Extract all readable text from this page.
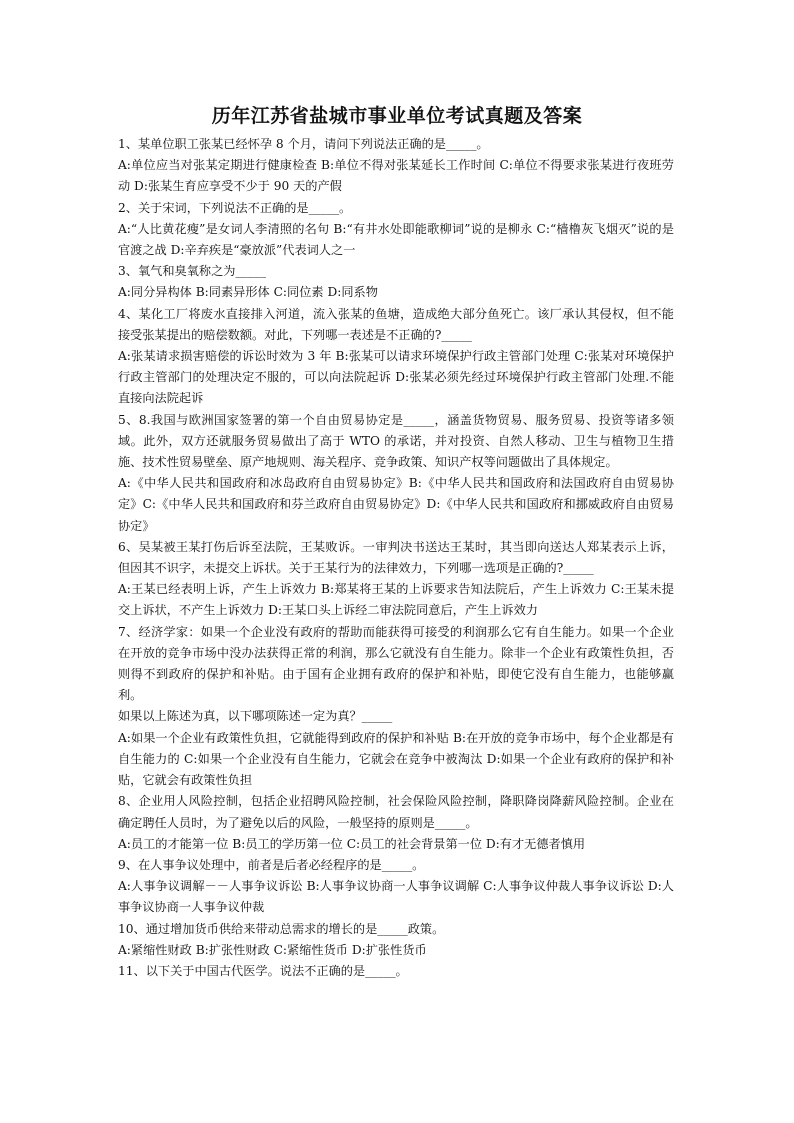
历年江苏省盐城市事业单位考试真题及答案

1、某单位职工张某已经怀孕 8 个月，请问下列说法正确的是_____。

A:单位应当对张某定期进行健康检查 B:单位不得对张某延长工作时间 C:单位不得要求张某进行夜班劳动 D:张某生育应享受不少于 90 天的产假

2、关于宋词，下列说法不正确的是_____。

A:“人比黄花瘦”是女词人李清照的名句 B:“有井水处即能歌柳词”说的是柳永 C:“樯橹灰飞烟灭”说的是官渡之战 D:辛弃疾是“豪放派”代表词人之一

3、氧气和臭氧称之为_____

A:同分异构体 B:同素异形体 C:同位素 D:同系物

4、某化工厂将废水直接排入河道，流入张某的鱼塘，造成绝大部分鱼死亡。该厂承认其侵权，但不能接受张某提出的赔偿数额。对此，下列哪一表述是不正确的?_____

A:张某请求损害赔偿的诉讼时效为 3 年 B:张某可以请求环境保护行政主管部门处理 C:张某对环境保护行政主管部门的处理决定不服的，可以向法院起诉 D:张某必须先经过环境保护行政主管部门处理.不能直接向法院起诉

5、8.我国与欧洲国家签署的第一个自由贸易协定是_____，涵盖货物贸易、服务贸易、投资等诸多领域。此外，双方还就服务贸易做出了高于 WTO 的承诺，并对投资、自然人移动、卫生与植物卫生措施、技术性贸易壁垒、原产地规则、海关程序、竞争政策、知识产权等问题做出了具体规定。

A:《中华人民共和国政府和冰岛政府自由贸易协定》B:《中华人民共和国政府和法国政府自由贸易协定》C:《中华人民共和国政府和芬兰政府自由贸易协定》D:《中华人民共和国政府和挪威政府自由贸易协定》

6、吴某被王某打伤后诉至法院，王某败诉。一审判决书送达王某时，其当即向送达人郑某表示上诉，但因其不识字，未提交上诉状。关于王某行为的法律效力，下列哪一选项是正确的?_____

A:王某已经表明上诉，产生上诉效力 B:郑某将王某的上诉要求告知法院后，产生上诉效力 C:王某未提交上诉状，不产生上诉效力 D:王某口头上诉经二审法院同意后，产生上诉效力

7、经济学家：如果一个企业没有政府的帮助而能获得可接受的利润那么它有自生能力。如果一个企业在开放的竞争市场中没办法获得正常的利润，那么它就没有自生能力。除非一个企业有政策性负担，否则得不到政府的保护和补贴。由于国有企业拥有政府的保护和补贴，即使它没有自生能力，也能够赢利。

如果以上陈述为真，以下哪项陈述一定为真？_____

A:如果一个企业有政策性负担，它就能得到政府的保护和补贴 B:在开放的竞争市场中，每个企业都是有自生能力的 C:如果一个企业没有自生能力，它就会在竞争中被淘汰 D:如果一个企业有政府的保护和补贴，它就会有政策性负担

8、企业用人风险控制，包括企业招聘风险控制，社会保险风险控制，降职降岗降薪风险控制。企业在确定聘任人员时，为了避免以后的风险，一般坚持的原则是_____。

A:员工的才能第一位 B:员工的学历第一位 C:员工的社会背景第一位 D:有才无德者慎用

9、在人事争议处理中，前者是后者必经程序的是_____。

A:人事争议调解－－人事争议诉讼 B:人事争议协商一人事争议调解 C:人事争议仲裁人事争议诉讼 D:人事争议协商一人事争议仲裁

10、通过增加货币供给来带动总需求的增长的是_____政策。

A:紧缩性财政 B:扩张性财政 C:紧缩性货币 D:扩张性货币

11、以下关于中国古代医学。说法不正确的是_____。
